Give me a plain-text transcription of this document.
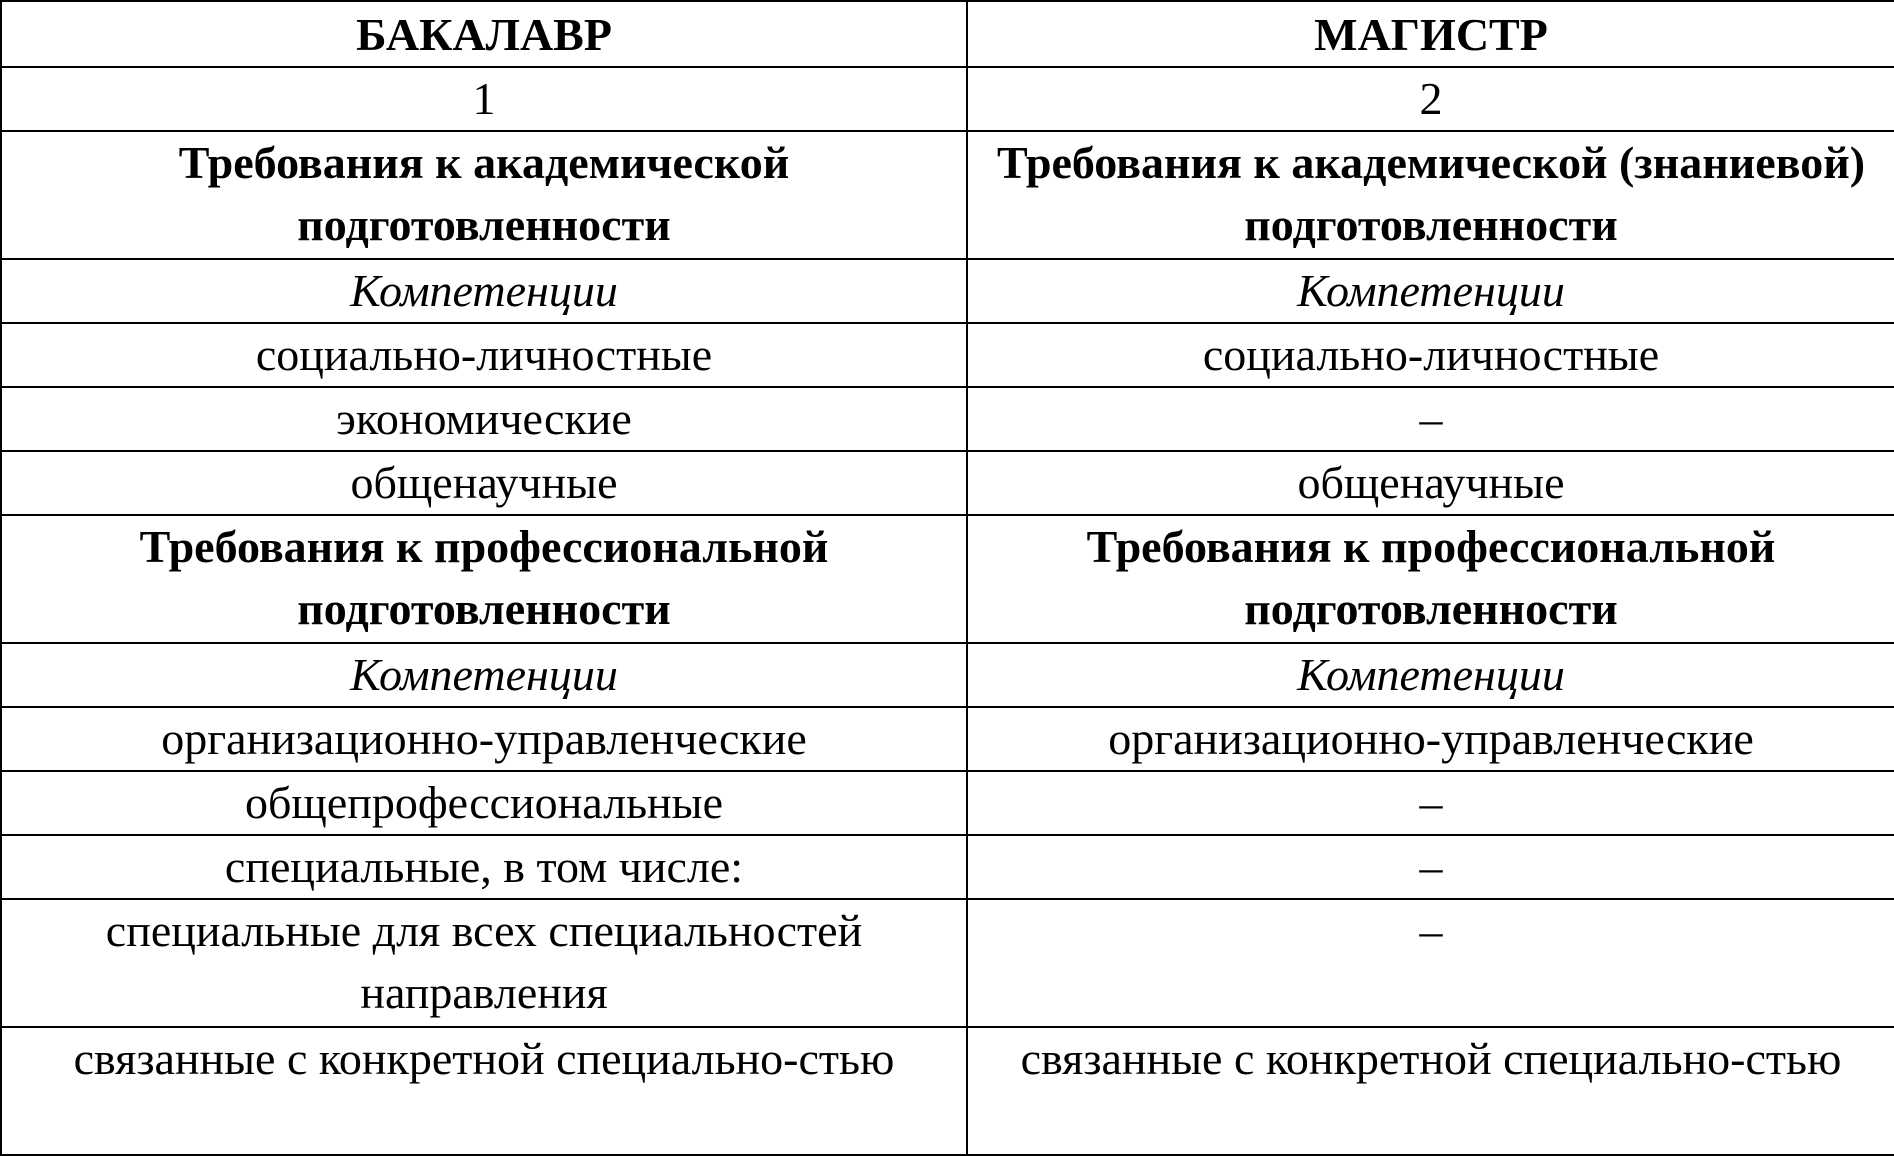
БАКАЛАВР	МАГИСТР
1	2
Требования к академической подготовленности	Требования к академической (знаниевой) подготовленности
Компетенции	Компетенции
социально-личностные	социально-личностные
экономические	–
общенаучные	общенаучные
Требования к профессиональной подготовленности	Требования к профессиональной подготовленности
Компетенции	Компетенции
организационно-управленческие	организационно-управленческие
общепрофессиональные	–
специальные, в том числе:	–
специальные для всех специальностей направления	–
связанные с конкретной специально-стью	связанные с конкретной специально-стью
